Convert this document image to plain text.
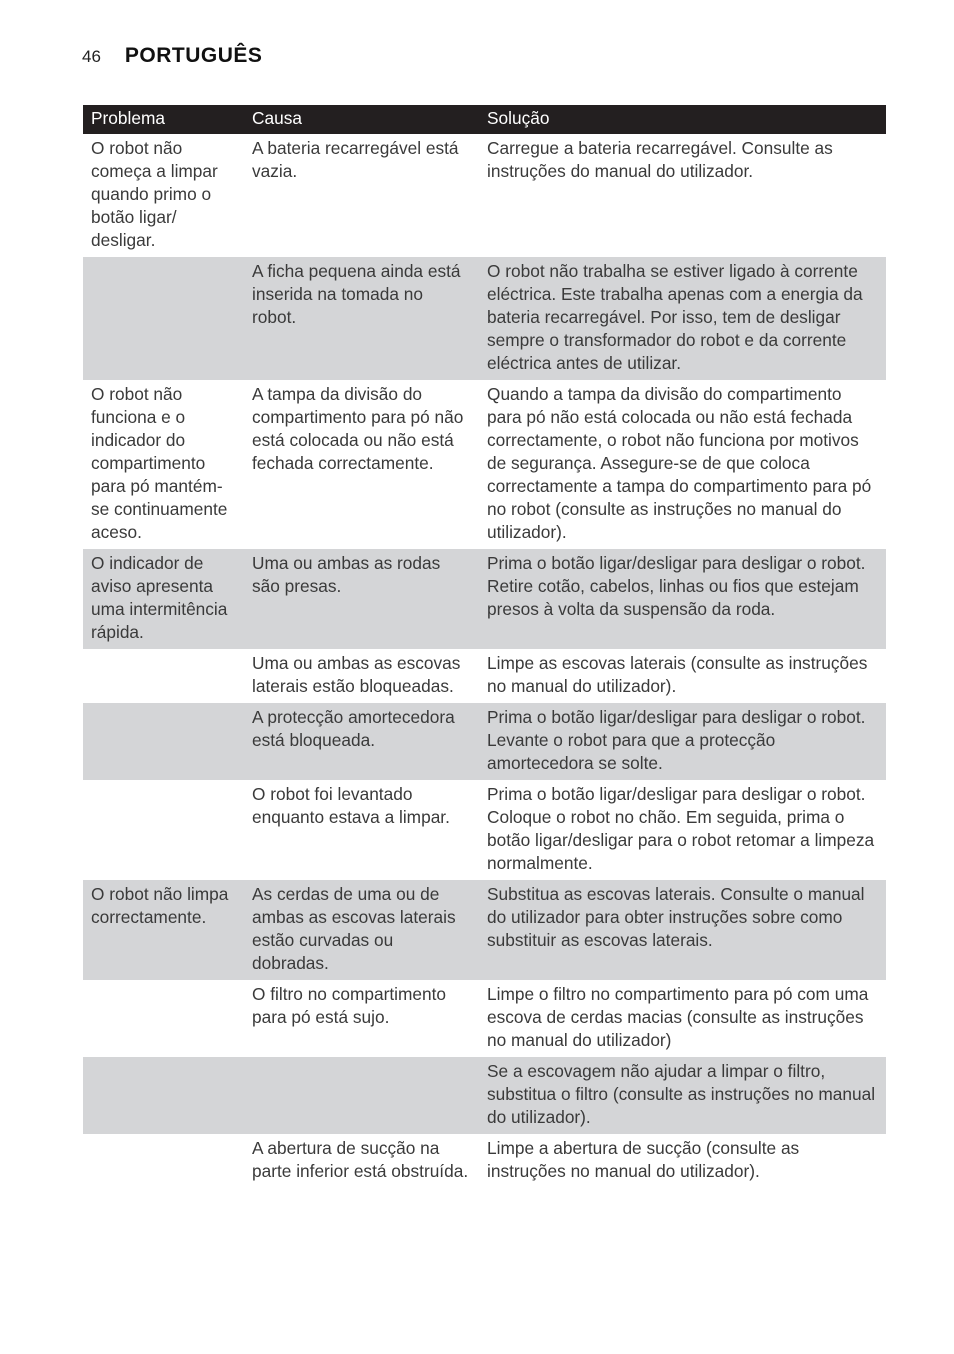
46 PORTUGUÊS
Problema	Causa	Solução
O robot não começa a limpar quando primo o botão ligar/ desligar.	A bateria recarregável está vazia.	Carregue a bateria recarregável. Consulte as instruções do manual do utilizador.
	A ficha pequena ainda está inserida na tomada no robot.	O robot não trabalha se estiver ligado à corrente eléctrica. Este trabalha apenas com a energia da bateria recarregável. Por isso, tem de desligar sempre o transformador do robot e da corrente eléctrica antes de utilizar.
O robot não funciona e o indicador do compartimento para pó mantém-se continuamente aceso.	A tampa da divisão do compartimento para pó não está colocada ou não está fechada correctamente.	Quando a tampa da divisão do compartimento para pó não está colocada ou não está fechada correctamente, o robot não funciona por motivos de segurança. Assegure-se de que coloca correctamente a tampa do compartimento para pó no robot (consulte as instruções no manual do utilizador).
O indicador de aviso apresenta uma intermitência rápida.	Uma ou ambas as rodas são presas.	Prima o botão ligar/desligar para desligar o robot. Retire cotão, cabelos, linhas ou fios que estejam presos à volta da suspensão da roda.
	Uma ou ambas as escovas laterais estão bloqueadas.	Limpe as escovas laterais (consulte as instruções no manual do utilizador).
	A protecção amortecedora está bloqueada.	Prima o botão ligar/desligar para desligar o robot. Levante o robot para que a protecção amortecedora se solte.
	O robot foi levantado enquanto estava a limpar.	Prima o botão ligar/desligar para desligar o robot. Coloque o robot no chão. Em seguida, prima o botão ligar/desligar para o robot retomar a limpeza normalmente.
O robot não limpa correctamente.	As cerdas de uma ou de ambas as escovas laterais estão curvadas ou dobradas.	Substitua as escovas laterais. Consulte o manual do utilizador para obter instruções sobre como substituir as escovas laterais.
	O filtro no compartimento para pó está sujo.	Limpe o filtro no compartimento para pó com uma escova de cerdas macias (consulte as instruções no manual do utilizador)
		Se a escovagem não ajudar a limpar o filtro, substitua o filtro (consulte as instruções no manual do utilizador).
	A abertura de sucção na parte inferior está obstruída.	Limpe a abertura de sucção (consulte as instruções no manual do utilizador).
